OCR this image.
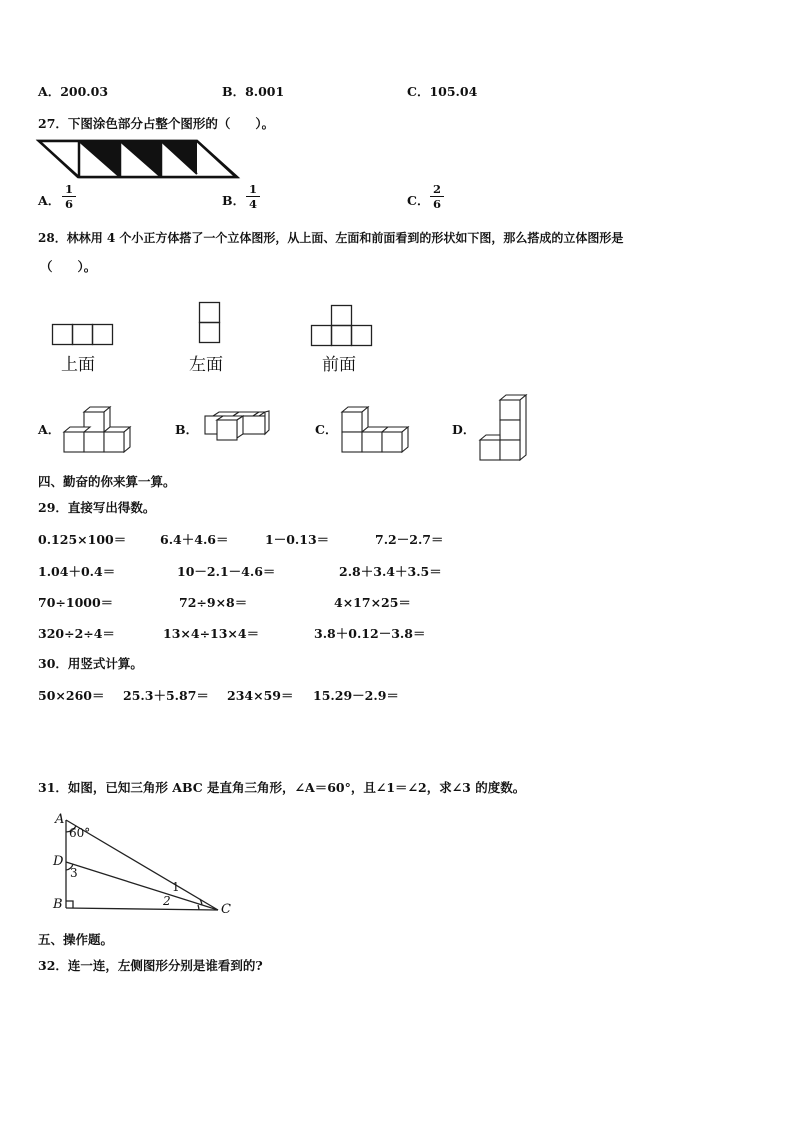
A．200.03	B．8.001	C．105.04
27．下图涂色部分占整个图形的（　　）。
A．
1
6	B．
1
4	C．
2
6
28．林林用 4 个小正方体搭了一个立体图形，从上面、左面和前面看到的形状如下图，那么搭成的立体图形是
（　　）。
上面	左面	前面
A．	B．	C．	D．
四、勤奋的你来算一算。
29．直接写出得数。
0.125×100＝	6.4＋4.6＝	1－0.13＝	7.2－2.7＝
1.04＋0.4＝	10－2.1－4.6＝	2.8＋3.4＋3.5＝
70÷1000＝	72÷9×8＝	4×17×25＝
320÷2÷4＝	13×4÷13×4＝	3.8＋0.12－3.8＝
30．用竖式计算。
50×260＝ 25.3＋5.87＝ 234×59＝ 15.29－2.9＝
31．如图，已知三角形 ABC 是直角三角形，∠A＝60°，且∠1＝∠2，求∠3 的度数。
A
60°
D
3
B
1
2
C
五、操作题。
32．连一连，左侧图形分别是谁看到的?
